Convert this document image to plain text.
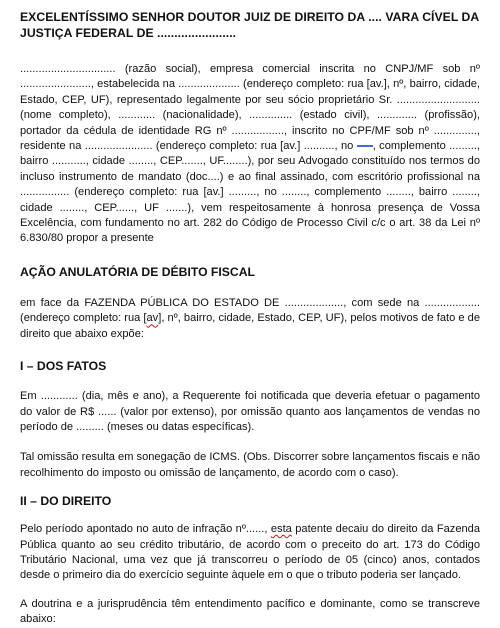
EXCELENTÍSSIMO SENHOR DOUTOR JUIZ DE DIREITO DA .... VARA CÍVEL DA JUSTIÇA FEDERAL DE .......................

............................... (razão social), empresa comercial inscrita no CNPJ/MF sob nº ......................., estabelecida na .................... (endereço completo: rua [av.], nº, bairro, cidade, Estado, CEP, UF), representado legalmente por seu sócio proprietário Sr. ........................... (nome completo), ............ (nacionalidade), .............. (estado civil), ............. (profissão), portador da cédula de identidade RG nº ................., inscrito no CPF/MF sob nº .............., residente na ...................... (endereço completo: rua [av.] .........., no , complemento ........., bairro ..........., cidade ........, CEP......., UF........), por seu Advogado constituído nos termos do incluso instrumento de mandato (doc....) e ao final assinado, com escritório profissional na ................ (endereço completo: rua [av.] ........., no ........, complemento ........, bairro ........, cidade ........, CEP......, UF .......), vem respeitosamente à honrosa presença de Vossa Excelência, com fundamento no art. 282 do Código de Processo Civil c/c o art. 38 da Lei nº 6.830/80 propor a presente

AÇÃO ANULATÓRIA DE DÉBITO FISCAL

em face da FAZENDA PÚBLICA DO ESTADO DE ..................., com sede na .................. (endereço completo: rua [av], nº, bairro, cidade, Estado, CEP, UF), pelos motivos de fato e de direito que abaixo expõe:

I – DOS FATOS

Em ............ (dia, mês e ano), a Requerente foi notificada que deveria efetuar o pagamento do valor de R$ ...... (valor por extenso), por omissão quanto aos lançamentos de vendas no período de ......... (meses ou datas específicas).

Tal omissão resulta em sonegação de ICMS. (Obs. Discorrer sobre lançamentos fiscais e não recolhimento do imposto ou omissão de lançamento, de acordo com o caso).

II – DO DIREITO

Pelo período apontado no auto de infração nº......, esta patente decaiu do direito da Fazenda Pública quanto ao seu crédito tributário, de acordo com o preceito do art. 173 do Código Tributário Nacional, uma vez que já transcorreu o período de 05 (cinco) anos, contados desde o primeiro dia do exercício seguinte àquele em o que o tributo poderia ser lançado.

A doutrina e a jurisprudência têm entendimento pacífico e dominante, como se transcreve abaixo:
